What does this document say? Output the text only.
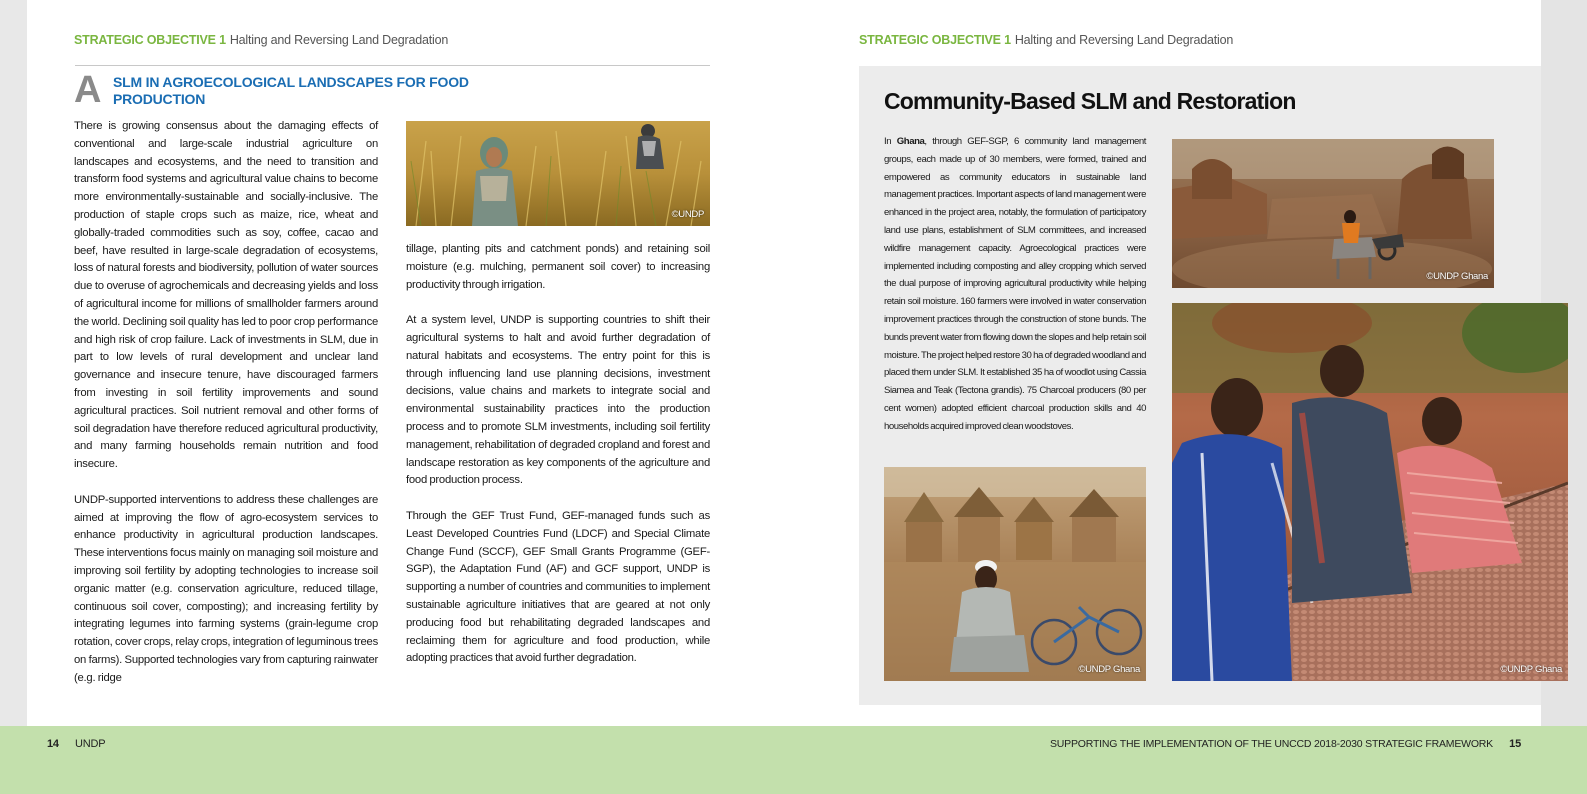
STRATEGIC OBJECTIVE 1 Halting and Reversing Land Degradation	STRATEGIC OBJECTIVE 1 Halting and Reversing Land Degradation
A SLM IN AGROECOLOGICAL LANDSCAPES FOR FOOD PRODUCTION

There is growing consensus about the damaging effects of conventional and large-scale industrial agriculture on landscapes and ecosystems, and the need to transition and transform food systems and agricultural value chains to become more environmentally-sustainable and socially-inclusive. The production of staple crops such as maize, rice, wheat and globally-traded commodities such as soy, coffee, cacao and beef, have resulted in large-scale degradation of ecosystems, loss of natural forests and biodiversity, pollution of water sources due to overuse of agrochemicals and decreasing yields and loss of agricultural income for millions of smallholder farmers around the world. Declining soil quality has led to poor crop performance and high risk of crop failure. Lack of investments in SLM, due in part to low levels of rural development and unclear land governance and insecure tenure, have discouraged farmers from investing in soil fertility improvements and sound agricultural practices. Soil nutrient removal and other forms of soil degradation have therefore reduced agricultural productivity, and many farming households remain nutrition and food insecure.

UNDP-supported interventions to address these challenges are aimed at improving the flow of agro-ecosystem services to enhance productivity in agricultural production landscapes. These interventions focus mainly on managing soil moisture and improving soil fertility by adopting technologies to increase soil organic matter (e.g. conservation agriculture, reduced tillage, continuous soil cover, composting); and increasing fertility by integrating legumes into farming systems (grain-legume crop rotation, cover crops, relay crops, integration of leguminous trees on farms). Supported technologies vary from capturing rainwater (e.g. ridge

©UNDP

tillage, planting pits and catchment ponds) and retaining soil moisture (e.g. mulching, permanent soil cover) to increasing productivity through irrigation.

At a system level, UNDP is supporting countries to shift their agricultural systems to halt and avoid further degradation of natural habitats and ecosystems. The entry point for this is through influencing land use planning decisions, investment decisions, value chains and markets to integrate social and environmental sustainability practices into the production process and to promote SLM investments, including soil fertility management, rehabilitation of degraded cropland and forest and landscape restoration as key components of the agriculture and food production process.

Through the GEF Trust Fund, GEF-managed funds such as Least Developed Countries Fund (LDCF) and Special Climate Change Fund (SCCF), GEF Small Grants Programme (GEF-SGP), the Adaptation Fund (AF) and GCF support, UNDP is supporting a number of countries and communities to implement sustainable agriculture initiatives that are geared at not only producing food but rehabilitating degraded landscapes and reclaiming them for agriculture and food production, while adopting practices that avoid further degradation.

Community-Based SLM and Restoration
In Ghana, through GEF-SGP, 6 community land management groups, each made up of 30 members, were formed, trained and empowered as community educators in sustainable land management practices. Important aspects of land management were enhanced in the project area, notably, the formulation of participatory land use plans, establishment of SLM committees, and increased wildfire management capacity. Agroecological practices were implemented including composting and alley cropping which served the dual purpose of improving agricultural productivity while helping retain soil moisture. 160 farmers were involved in water conservation improvement practices through the construction of stone bunds. The bunds prevent water from flowing down the slopes and help retain soil moisture. The project helped restore 30 ha of degraded woodland and placed them under SLM. It established 35 ha of woodlot using Cassia Siamea and Teak (Tectona grandis). 75 Charcoal producers (80 per cent women) adopted efficient charcoal production skills and 40 households acquired improved clean woodstoves.
©UNDP Ghana
©UNDP Ghana	©UNDP Ghana
14 UNDP	SUPPORTING THE IMPLEMENTATION OF THE UNCCD 2018-2030 STRATEGIC FRAMEWORK 15
